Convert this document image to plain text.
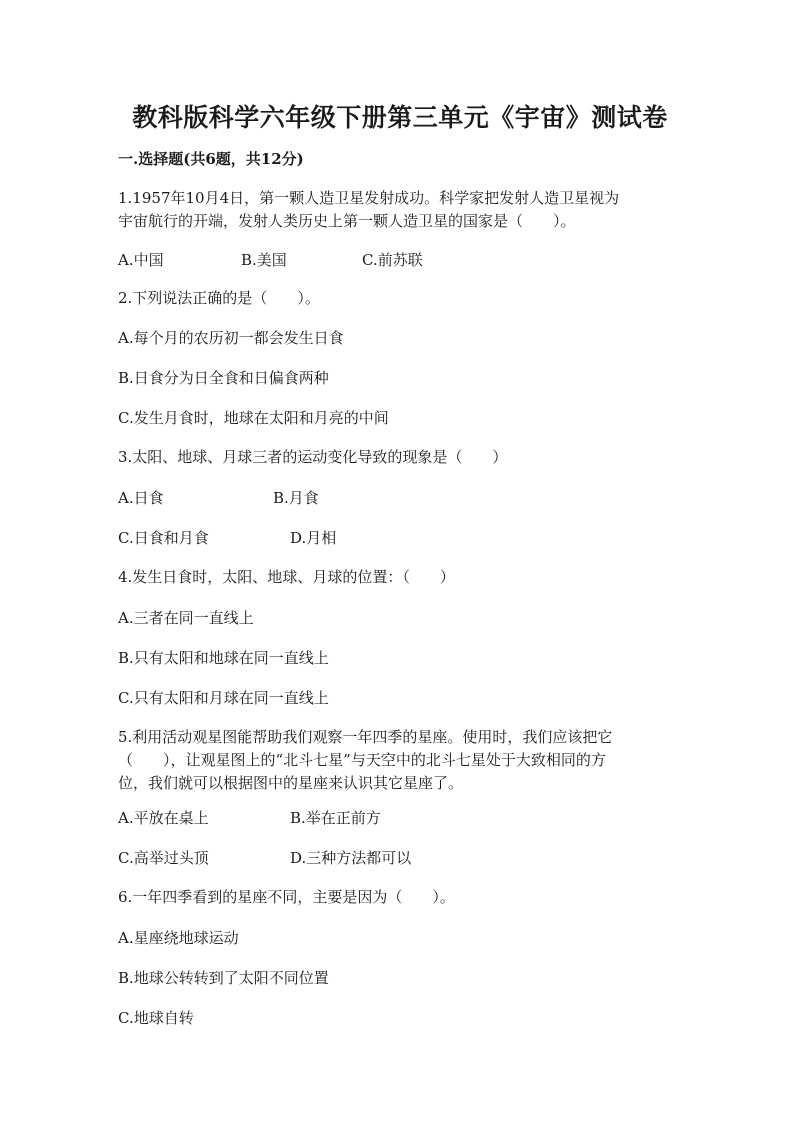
教科版科学六年级下册第三单元《宇宙》测试卷
一.选择题(共6题，共12分)
1.1957年10月4日，第一颗人造卫星发射成功。科学家把发射人造卫星视为
宇宙航行的开端，发射人类历史上第一颗人造卫星的国家是（　　）。
A.中国	B.美国	C.前苏联
2.下列说法正确的是（　　）。
A.每个月的农历初一都会发生日食
B.日食分为日全食和日偏食两种
C.发生月食时，地球在太阳和月亮的中间
3.太阳、地球、月球三者的运动变化导致的现象是（　　）
A.日食	B.月食
C.日食和月食	D.月相
4.发生日食时，太阳、地球、月球的位置：（　　）
A.三者在同一直线上
B.只有太阳和地球在同一直线上
C.只有太阳和月球在同一直线上
5.利用活动观星图能帮助我们观察一年四季的星座。使用时，我们应该把它
（　　），让观星图上的“北斗七星”与天空中的北斗七星处于大致相同的方
位，我们就可以根据图中的星座来认识其它星座了。
A.平放在桌上	B.举在正前方
C.高举过头顶	D.三种方法都可以
6.一年四季看到的星座不同，主要是因为（　　）。
A.星座绕地球运动
B.地球公转转到了太阳不同位置
C.地球自转
